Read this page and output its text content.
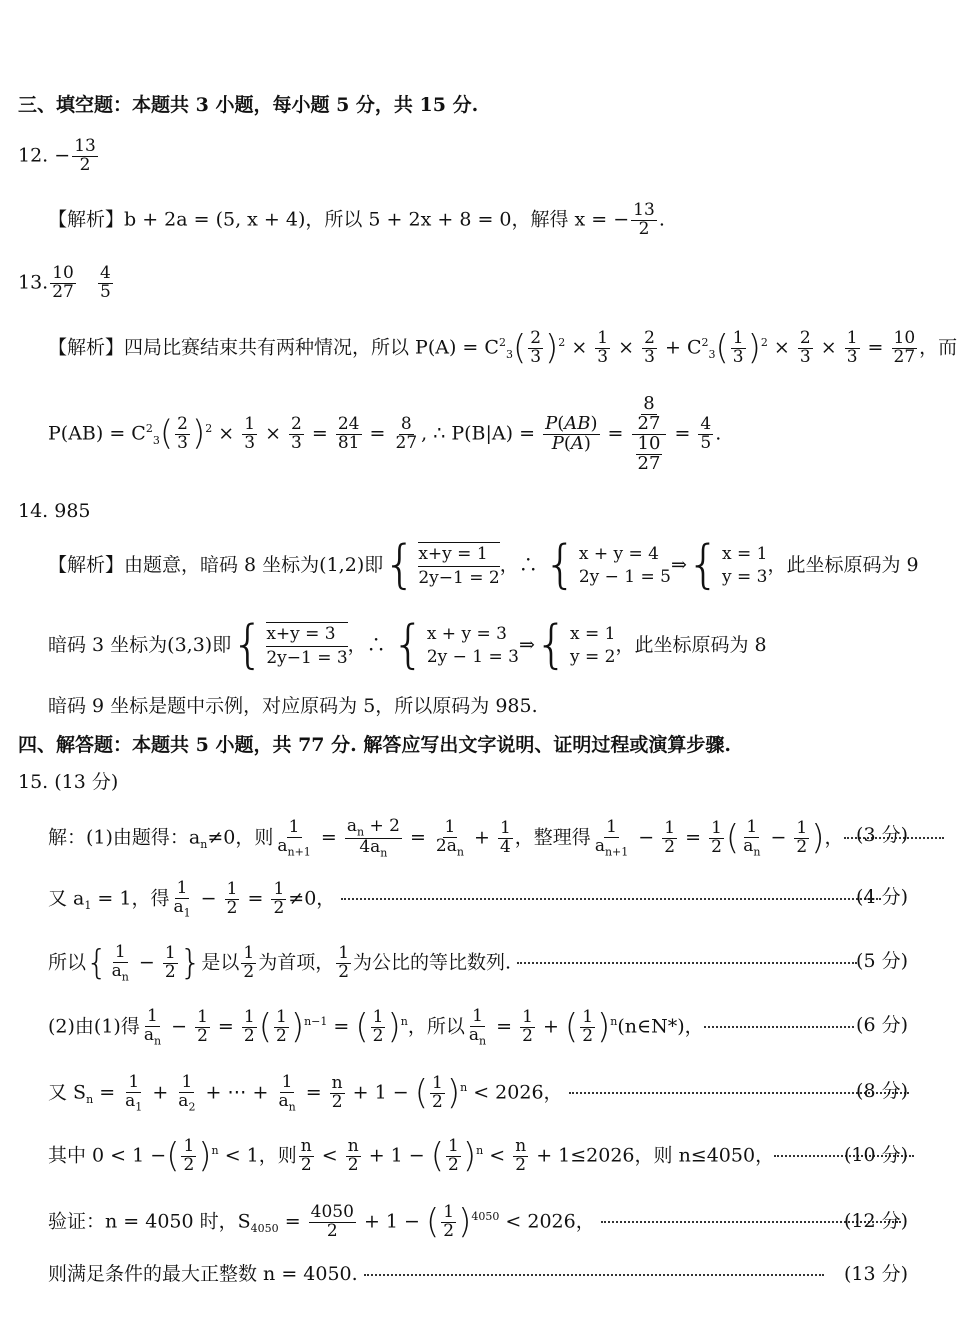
三、填空题：本题共 3 小题，每小题 5 分，共 15 分.
12. − $\frac{13}{2}$
【解析】b + 2a = (5, x + 4)，所以 5 + 2x + 8 = 0，解得 x = − $\frac{13}{2}$ .
13. $\frac{10}{27}$
$\frac{4}{5}$
【解析】四局比赛结束共有两种情况，所以 $P(A) = C^2_3( \frac{2}{3} )^2 \times \frac{1}{3} \times \frac{2}{3} + C^2_3( \frac{1}{3} )^2 \times \frac{2}{3} \times \frac{1}{3} = \frac{10}{27}$ ，而
$P(AB) = C^2_3( \frac{2}{3} )^2 \times \frac{1}{3} \times \frac{2}{3} = \frac{24}{81} = \frac{8}{27}$ , ∴ $P(B|A) = \frac{P(AB)}{P(A)} = \frac{\frac{8}{27}}{\frac{10}{27}} = \frac{4}{5}$ .
14. 985
【解析】由题意，暗码 8 坐标为(1,2)即 { x+y = 1
2y−1 = 2
，∴ { x + y = 4
2y − 1 = 5
⇒ { x = 1
y = 3
，此坐标原码为 9
暗码 3 坐标为(3,3)即 { x+y = 3
2y−1 = 3
，∴ { x + y = 3
2y − 1 = 3
⇒ { x = 1
y = 2
，此坐标原码为 8
暗码 9 坐标是题中示例，对应原码为 5，所以原码为 985.
四、解答题：本题共 5 小题，共 77 分. 解答应写出文字说明、证明过程或演算步骤.
15. (13 分)
解：(1)由题得：$a_n\ne 0$，则 $\frac{1}{a_{n+1}} = \frac{a_n + 2}{4a_n} = \frac{1}{2a_n} + \frac{1}{4}$ ，整理得 $\frac{1}{a_{n+1}} - \frac{1}{2} = \frac{1}{2}$ ( $\frac{1}{a_n} - \frac{1}{2}$ )， (3 分)
又 $a_1 = 1$，得 $\frac{1}{a_1} - \frac{1}{2} = \frac{1}{2} \ne 0$，	(4 分)
所以{ $\frac{1}{a_n} - \frac{1}{2}$ }是以 $\frac{1}{2}$ 为首项， $\frac{1}{2}$ 为公比的等比数列.	(5 分)
(2)由(1)得 $\frac{1}{a_n} - \frac{1}{2} = \frac{1}{2}$ ( $\frac{1}{2} )^{n-1}$ = ( $\frac{1}{2} )^n$，所以 $\frac{1}{a_n} = \frac{1}{2}$ + ( $\frac{1}{2}$ )$^n$(n∈N*)，	(6 分)
又 $S_n = \frac{1}{a_1} + \frac{1}{a_2}$ + ⋯ + $\frac{1}{a_n} = \frac{n}{2} + 1$ − ( $\frac{1}{2} )^n < 2026$，	(8 分)
其中 0 < 1 −( $\frac{1}{2} )^n < 1$，则 $\frac{n}{2} < \frac{n}{2} + 1$ − ( $\frac{1}{2} )^n < \frac{n}{2} + 1\le 2026$，则 n≤4050，	(10 分)
验证：n = 4050 时，$S_{4050} = \frac{4050}{2} + 1$ − ( $\frac{1}{2} )^{4050} < 2026$，	(12 分)
则满足条件的最大正整数 n = 4050.	(13 分)
